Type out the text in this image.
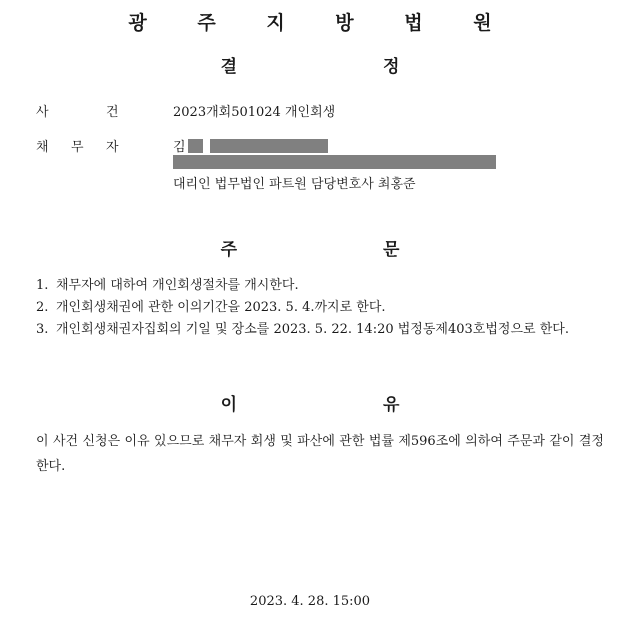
광 주 지 방 법 원
결 정
사	건	2023개회501024 개인회생
채 무 자	김
대리인 법무법인 파트원 담당변호사 최홍준
주 문
1. 채무자에 대하여 개인회생절차를 개시한다.
2. 개인회생채권에 관한 이의기간을 2023. 5. 4.까지로 한다.
3. 개인회생채권자집회의 기일 및 장소를 2023. 5. 22. 14:20 법정동제403호법정으로 한다.
이 유
이 사건 신청은 이유 있으므로 채무자 회생 및 파산에 관한 법률 제596조에 의하여 주문과 같이 결정한다.
2023. 4. 28. 15:00
